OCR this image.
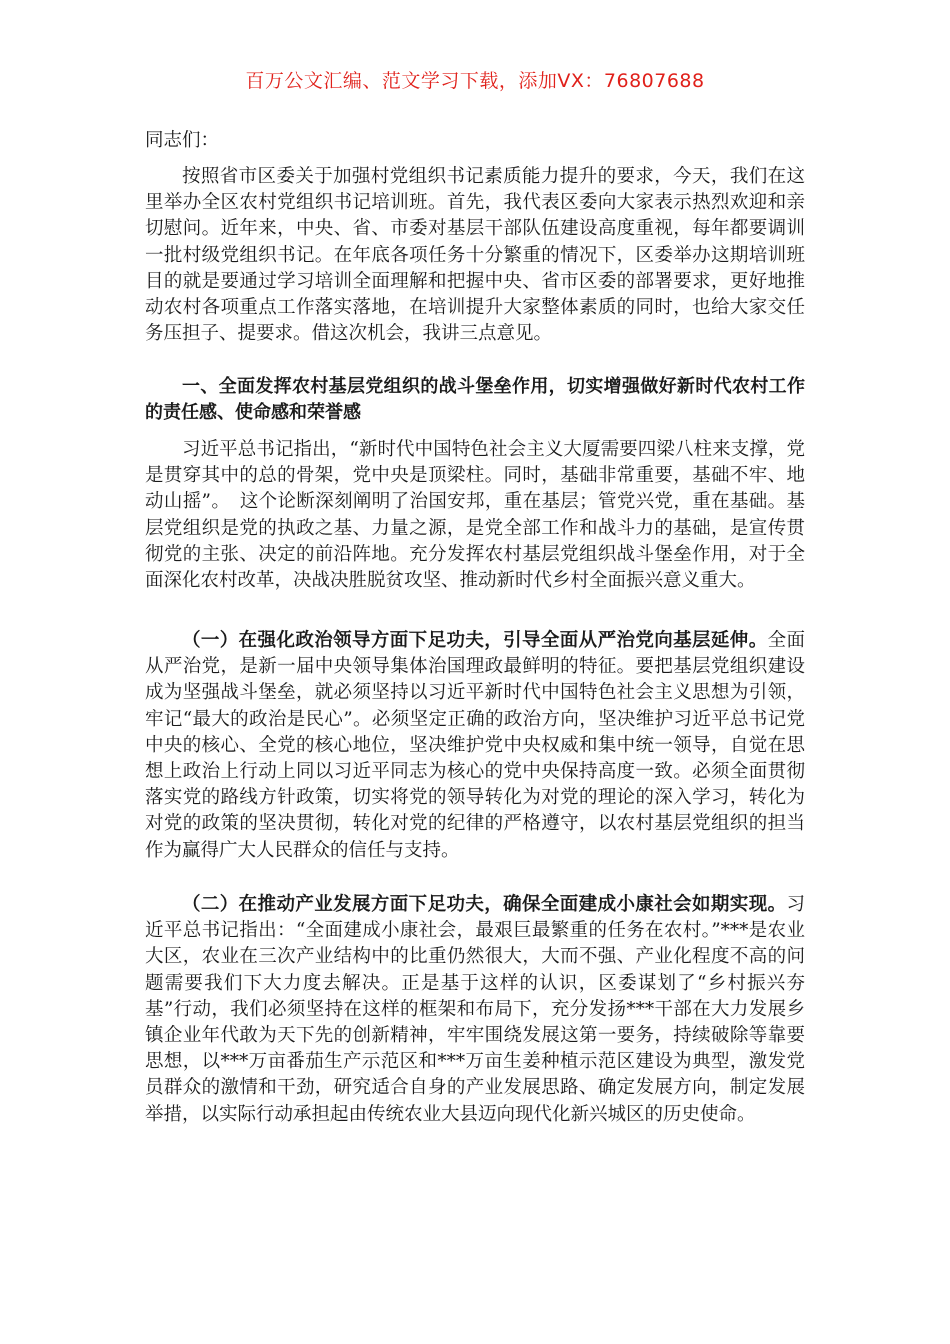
百万公文汇编、范文学习下载，添加VX：76807688
同志们：

按照省市区委关于加强村党组织书记素质能力提升的要求，今天，我们在这里举办全区农村党组织书记培训班。首先，我代表区委向大家表示热烈欢迎和亲切慰问。近年来，中央、省、市委对基层干部队伍建设高度重视，每年都要调训一批村级党组织书记。在年底各项任务十分繁重的情况下，区委举办这期培训班目的就是要通过学习培训全面理解和把握中央、省市区委的部署要求，更好地推动农村各项重点工作落实落地，在培训提升大家整体素质的同时，也给大家交任务压担子、提要求。借这次机会，我讲三点意见。

一、全面发挥农村基层党组织的战斗堡垒作用，切实增强做好新时代农村工作的责任感、使命感和荣誉感

习近平总书记指出，“新时代中国特色社会主义大厦需要四梁八柱来支撑，党是贯穿其中的总的骨架，党中央是顶梁柱。同时，基础非常重要，基础不牢、地动山摇”。　这个论断深刻阐明了治国安邦，重在基层；管党兴党，重在基础。基层党组织是党的执政之基、力量之源，是党全部工作和战斗力的基础，是宣传贯彻党的主张、决定的前沿阵地。充分发挥农村基层党组织战斗堡垒作用，对于全面深化农村改革，决战决胜脱贫攻坚、推动新时代乡村全面振兴意义重大。

（一）在强化政治领导方面下足功夫，引导全面从严治党向基层延伸。全面从严治党，是新一届中央领导集体治国理政最鲜明的特征。要把基层党组织建设成为坚强战斗堡垒，就必须坚持以习近平新时代中国特色社会主义思想为引领，牢记“最大的政治是民心”。必须坚定正确的政治方向，坚决维护习近平总书记党中央的核心、全党的核心地位，坚决维护党中央权威和集中统一领导，自觉在思想上政治上行动上同以习近平同志为核心的党中央保持高度一致。必须全面贯彻落实党的路线方针政策，切实将党的领导转化为对党的理论的深入学习，转化为对党的政策的坚决贯彻，转化对党的纪律的严格遵守，以农村基层党组织的担当作为赢得广大人民群众的信任与支持。

（二）在推动产业发展方面下足功夫，确保全面建成小康社会如期实现。习近平总书记指出：“全面建成小康社会，最艰巨最繁重的任务在农村。”***是农业大区，农业在三次产业结构中的比重仍然很大，大而不强、产业化程度不高的问题需要我们下大力度去解决。正是基于这样的认识，区委谋划了“乡村振兴夯基”行动，我们必须坚持在这样的框架和布局下，充分发扬***干部在大力发展乡镇企业年代敢为天下先的创新精神，牢牢围绕发展这第一要务，持续破除等靠要思想，以***万亩番茄生产示范区和***万亩生姜种植示范区建设为典型，激发党员群众的激情和干劲，研究适合自身的产业发展思路、确定发展方向，制定发展举措，以实际行动承担起由传统农业大县迈向现代化新兴城区的历史使命。
